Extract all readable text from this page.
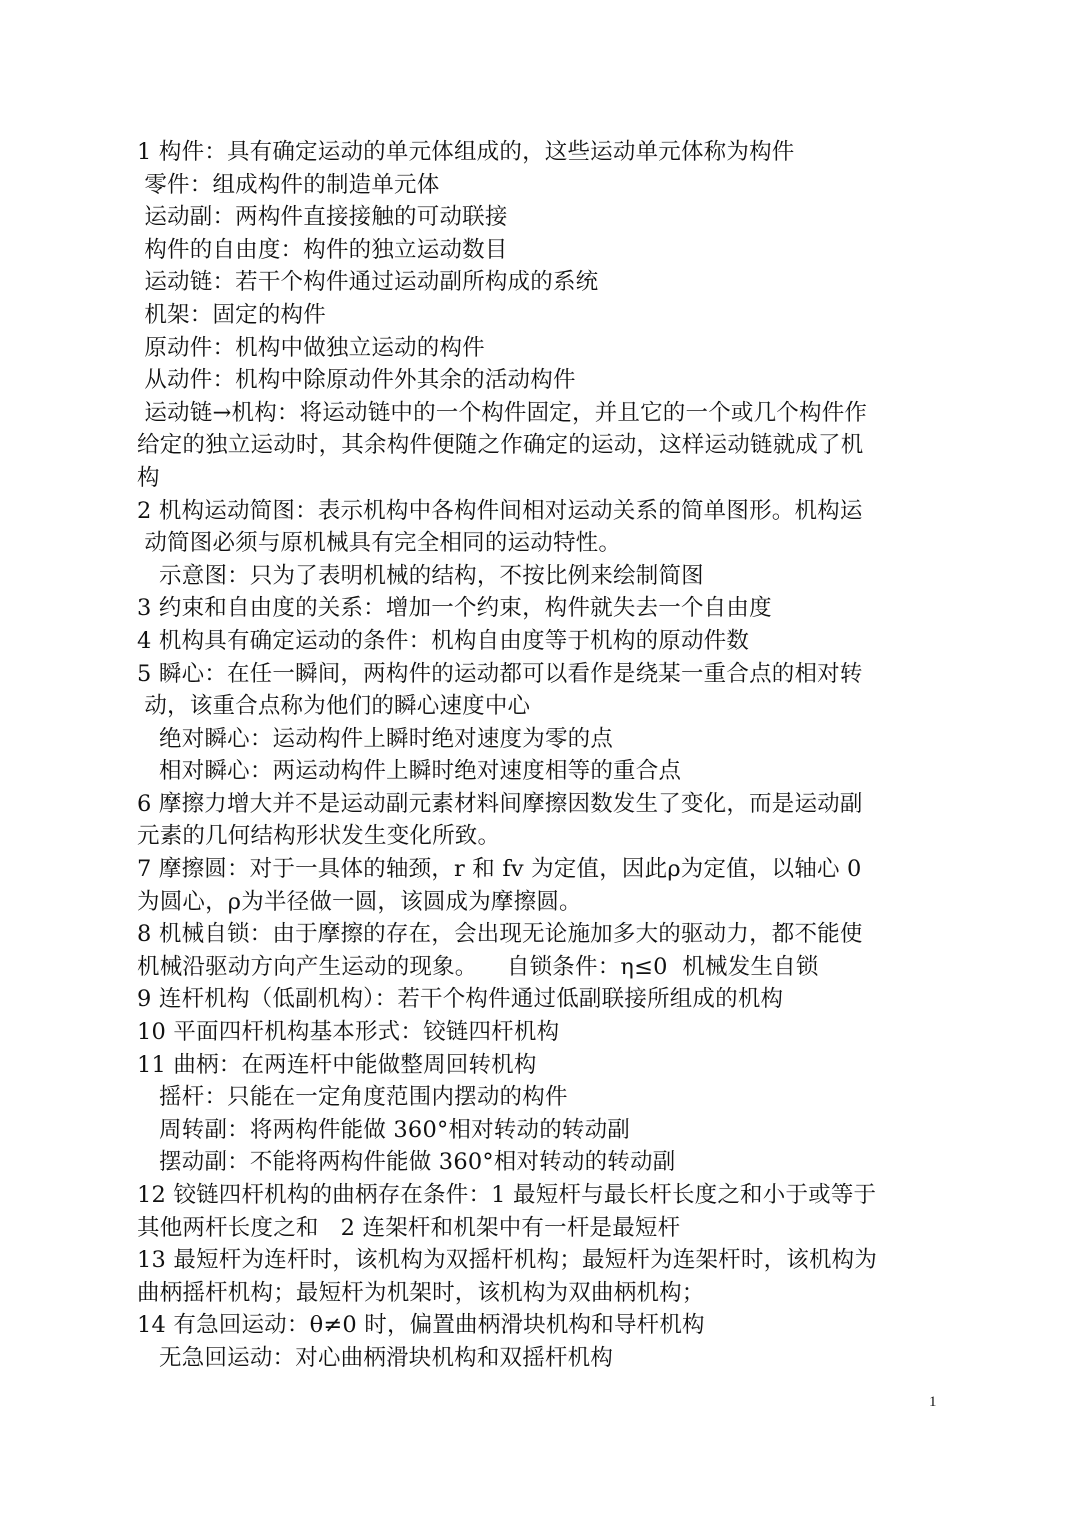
1 构件：具有确定运动的单元体组成的，这些运动单元体称为构件
零件：组成构件的制造单元体
运动副：两构件直接接触的可动联接
构件的自由度：构件的独立运动数目
运动链：若干个构件通过运动副所构成的系统
机架：固定的构件
原动件：机构中做独立运动的构件
从动件：机构中除原动件外其余的活动构件
运动链→机构：将运动链中的一个构件固定，并且它的一个或几个构件作
给定的独立运动时，其余构件便随之作确定的运动，这样运动链就成了机
构
2 机构运动简图：表示机构中各构件间相对运动关系的简单图形。机构运
动简图必须与原机械具有完全相同的运动特性。
示意图：只为了表明机械的结构，不按比例来绘制简图
3 约束和自由度的关系：增加一个约束，构件就失去一个自由度
4 机构具有确定运动的条件：机构自由度等于机构的原动件数
5 瞬心：在任一瞬间，两构件的运动都可以看作是绕某一重合点的相对转
动，该重合点称为他们的瞬心速度中心
绝对瞬心：运动构件上瞬时绝对速度为零的点
相对瞬心：两运动构件上瞬时绝对速度相等的重合点
6 摩擦力增大并不是运动副元素材料间摩擦因数发生了变化，而是运动副
元素的几何结构形状发生变化所致。
7 摩擦圆：对于一具体的轴颈，r 和 fv 为定值，因此ρ为定值，以轴心 0
为圆心，ρ为半径做一圆，该圆成为摩擦圆。
8 机械自锁：由于摩擦的存在，会出现无论施加多大的驱动力，都不能使
机械沿驱动方向产生运动的现象。    自锁条件：η≤0  机械发生自锁
9 连杆机构（低副机构）：若干个构件通过低副联接所组成的机构
10 平面四杆机构基本形式：铰链四杆机构
11 曲柄：在两连杆中能做整周回转机构
摇杆：只能在一定角度范围内摆动的构件
周转副：将两构件能做 360°相对转动的转动副
摆动副：不能将两构件能做 360°相对转动的转动副
12 铰链四杆机构的曲柄存在条件：1 最短杆与最长杆长度之和小于或等于
其他两杆长度之和   2 连架杆和机架中有一杆是最短杆
13 最短杆为连杆时，该机构为双摇杆机构；最短杆为连架杆时，该机构为
曲柄摇杆机构；最短杆为机架时，该机构为双曲柄机构；
14 有急回运动：θ≠0 时，偏置曲柄滑块机构和导杆机构
无急回运动：对心曲柄滑块机构和双摇杆机构
1
